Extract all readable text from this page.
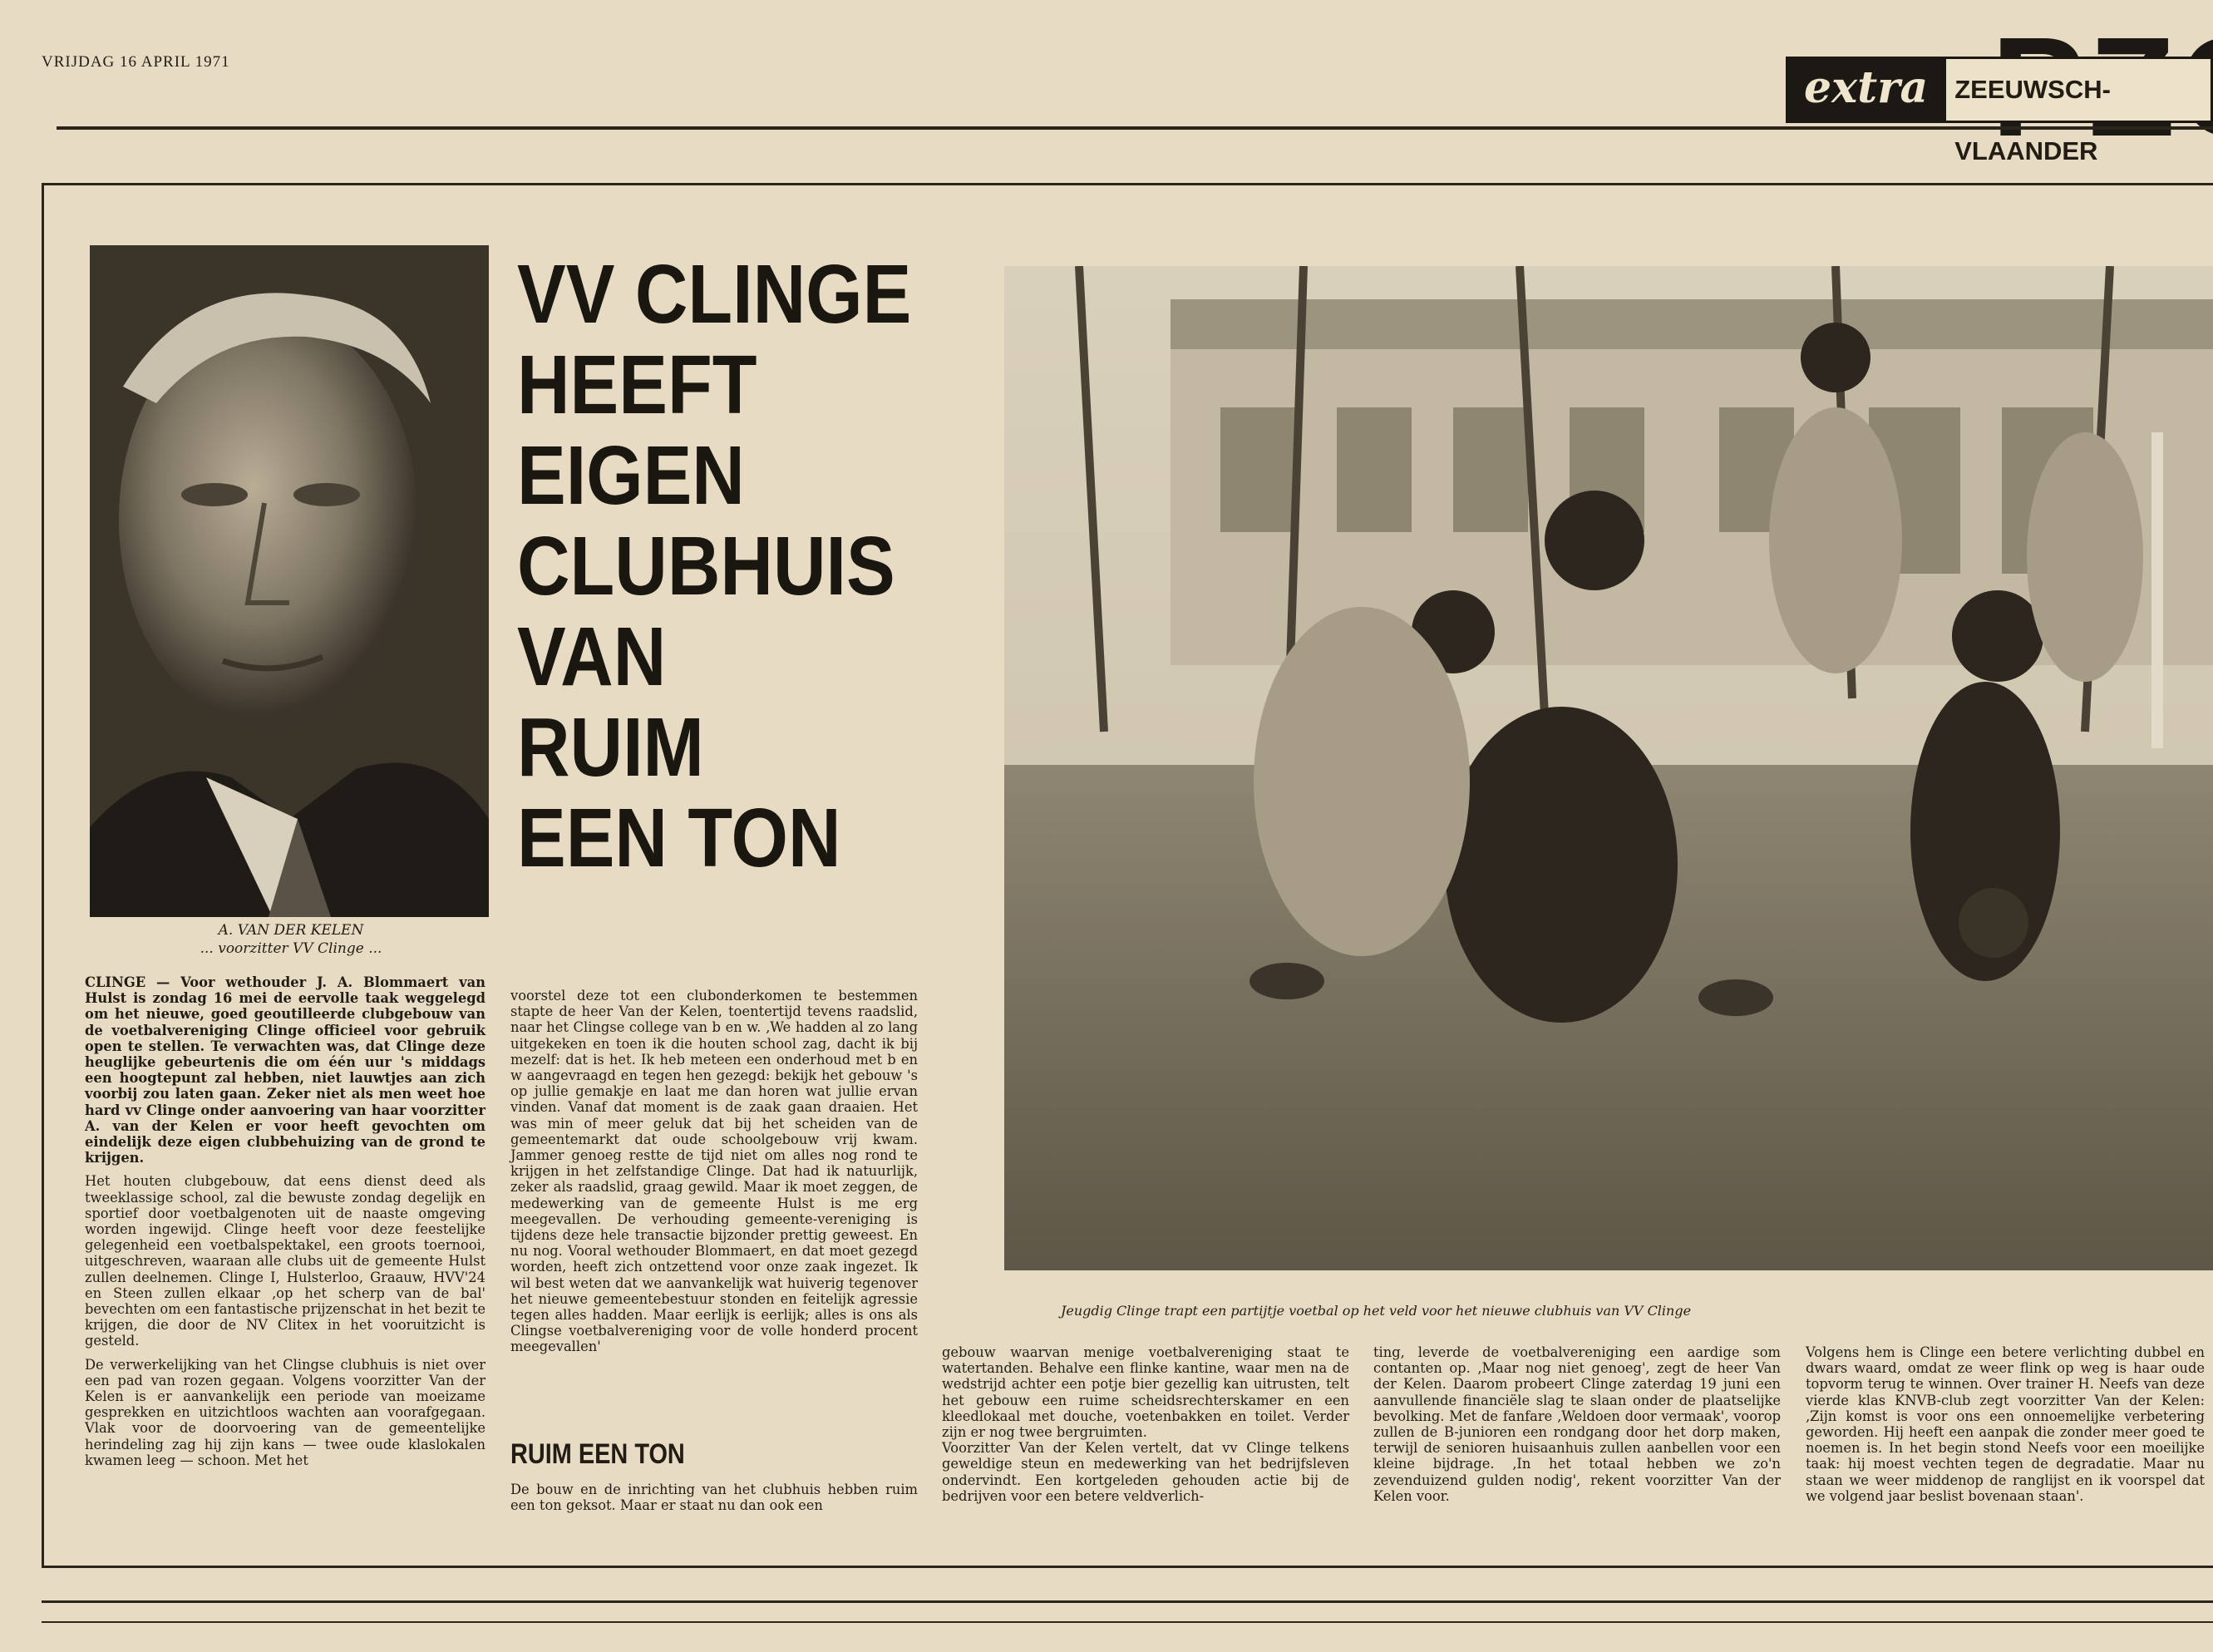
VRIJDAG 16 APRIL 1971
extra	ZEEUWSCH-VLAANDER
A. VAN DER KELEN
... voorzitter VV Clinge ...
VV CLINGE
HEEFT
EIGEN
CLUBHUIS
VAN
RUIM
EEN TON
Jeugdig Clinge trapt een partijtje voetbal op het veld voor het nieuwe clubhuis van VV Clinge

CLINGE — Voor wethouder J. A. Blommaert van Hulst is zondag 16 mei de eervolle taak weggelegd om het nieuwe, goed geoutilleerde clubgebouw van de voetbalvereniging Clinge officieel voor gebruik open te stellen. Te verwachten was, dat Clinge deze heuglijke gebeurtenis die om één uur 's middags een hoogtepunt zal hebben, niet lauwtjes aan zich voorbij zou laten gaan. Zeker niet als men weet hoe hard vv Clinge onder aanvoering van haar voorzitter A. van der Kelen er voor heeft gevochten om eindelijk deze eigen clubbehuizing van de grond te krijgen.

Het houten clubgebouw, dat eens dienst deed als tweeklassige school, zal die bewuste zondag degelijk en sportief door voetbalgenoten uit de naaste omgeving worden ingewijd. Clinge heeft voor deze feestelijke gelegenheid een voetbalspektakel, een groots toernooi, uitgeschreven, waaraan alle clubs uit de gemeente Hulst zullen deelnemen. Clinge I, Hulsterloo, Graauw, HVV'24 en Steen zullen elkaar ‚op het scherp van de bal' bevechten om een fantastische prijzenschat in het bezit te krijgen, die door de NV Clitex in het vooruitzicht is gesteld.

De verwerkelijking van het Clingse clubhuis is niet over een pad van rozen gegaan. Volgens voorzitter Van der Kelen is er aanvankelijk een periode van moeizame gesprekken en uitzichtloos wachten aan voorafgegaan. Vlak voor de doorvoering van de gemeentelijke herindeling zag hij zijn kans — twee oude klaslokalen kwamen leeg — schoon. Met het

voorstel deze tot een clubonderkomen te bestemmen stapte de heer Van der Kelen, toentertijd tevens raadslid, naar het Clingse college van b en w. ‚We hadden al zo lang uitgekeken en toen ik die houten school zag, dacht ik bij mezelf: dat is het. Ik heb meteen een onderhoud met b en w aangevraagd en tegen hen gezegd: bekijk het gebouw 's op jullie gemakje en laat me dan horen wat jullie ervan vinden. Vanaf dat moment is de zaak gaan draaien. Het was min of meer geluk dat bij het scheiden van de gemeentemarkt dat oude schoolgebouw vrij kwam. Jammer genoeg restte de tijd niet om alles nog rond te krijgen in het zelfstandige Clinge. Dat had ik natuurlijk, zeker als raadslid, graag gewild. Maar ik moet zeggen, de medewerking van de gemeente Hulst is me erg meegevallen. De verhouding gemeente-vereniging is tijdens deze hele transactie bijzonder prettig geweest. En nu nog. Vooral wethouder Blommaert, en dat moet gezegd worden, heeft zich ontzettend voor onze zaak ingezet. Ik wil best weten dat we aanvankelijk wat huiverig tegenover het nieuwe gemeentebestuur stonden en feitelijk agressie tegen alles hadden. Maar eerlijk is eerlijk; alles is ons als Clingse voetbalvereniging voor de volle honderd procent meegevallen'

RUIM EEN TON

De bouw en de inrichting van het clubhuis hebben ruim een ton geksot. Maar er staat nu dan ook een

gebouw waarvan menige voetbalvereniging staat te watertanden. Behalve een flinke kantine, waar men na de wedstrijd achter een potje bier gezellig kan uitrusten, telt het gebouw een ruime scheidsrechterskamer en een kleedlokaal met douche, voetenbakken en toilet. Verder zijn er nog twee bergruimten.

Voorzitter Van der Kelen vertelt, dat vv Clinge telkens geweldige steun en medewerking van het bedrijfsleven ondervindt. Een kortgeleden gehouden actie bij de bedrijven voor een betere veldverlich-

ting, leverde de voetbalvereniging een aardige som contanten op. ‚Maar nog niet genoeg', zegt de heer Van der Kelen. Daarom probeert Clinge zaterdag 19 juni een aanvullende financiële slag te slaan onder de plaatselijke bevolking. Met de fanfare ‚Weldoen door vermaak', voorop zullen de B-junioren een rondgang door het dorp maken, terwijl de senioren huisaanhuis zullen aanbellen voor een kleine bijdrage. ‚In het totaal hebben we zo'n zevenduizend gulden nodig', rekent voorzitter Van der Kelen voor.

Volgens hem is Clinge een betere verlichting dubbel en dwars waard, omdat ze weer flink op weg is haar oude topvorm terug te winnen. Over trainer H. Neefs van deze vierde klas KNVB-club zegt voorzitter Van der Kelen: ‚Zijn komst is voor ons een onnoemelijke verbetering geworden. Hij heeft een aanpak die zonder meer goed te noemen is. In het begin stond Neefs voor een moeilijke taak: hij moest vechten tegen de degradatie. Maar nu staan we weer middenop de ranglijst en ik voorspel dat we volgend jaar beslist bovenaan staan'.
